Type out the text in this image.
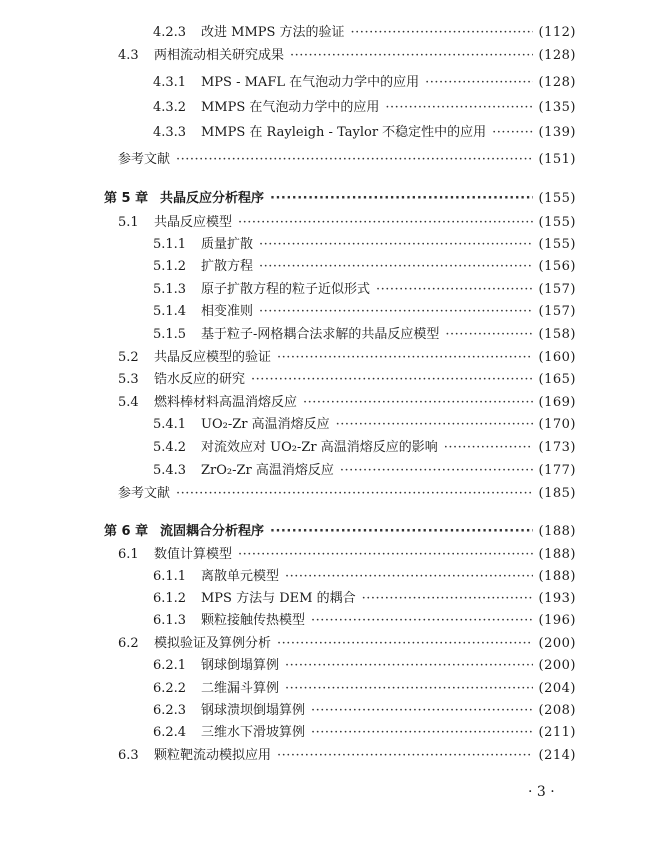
4.2.3	改进 MMPS 方法的验证 ·····	(112)
4.3	两相流动相关研究成果 ·····	(128)
4.3.1	MPS - MAFL 在气泡动力学中的应用 ·····	(128)
4.3.2	MMPS 在气泡动力学中的应用 ·····	(135)
4.3.3	MMPS 在 Rayleigh - Taylor 不稳定性中的应用 ·····	(139)
参考文献 ·····	(151)
第 5 章 共晶反应分析程序 ·····	(155)
5.1	共晶反应模型 ·····	(155)
5.1.1	质量扩散 ·····	(155)
5.1.2	扩散方程 ·····	(156)
5.1.3	原子扩散方程的粒子近似形式 ·····	(157)
5.1.4	相变准则 ·····	(157)
5.1.5	基于粒子-网格耦合法求解的共晶反应模型 ·····	(158)
5.2	共晶反应模型的验证 ·····	(160)
5.3	锆水反应的研究 ·····	(165)
5.4	燃料棒材料高温消熔反应 ·····	(169)
5.4.1	UO₂-Zr 高温消熔反应 ·····	(170)
5.4.2	对流效应对 UO₂-Zr 高温消熔反应的影响 ·····	(173)
5.4.3	ZrO₂-Zr 高温消熔反应 ·····	(177)
参考文献 ·····	(185)
第 6 章 流固耦合分析程序 ·····	(188)
6.1	数值计算模型 ·····	(188)
6.1.1	离散单元模型 ·····	(188)
6.1.2	MPS 方法与 DEM 的耦合 ·····	(193)
6.1.3	颗粒接触传热模型 ·····	(196)
6.2	模拟验证及算例分析 ·····	(200)
6.2.1	钢球倒塌算例 ·····	(200)
6.2.2	二维漏斗算例 ·····	(204)
6.2.3	钢球溃坝倒塌算例 ·····	(208)
6.2.4	三维水下滑坡算例 ·····	(211)
6.3	颗粒靶流动模拟应用 ·····	(214)
· 3 ·
